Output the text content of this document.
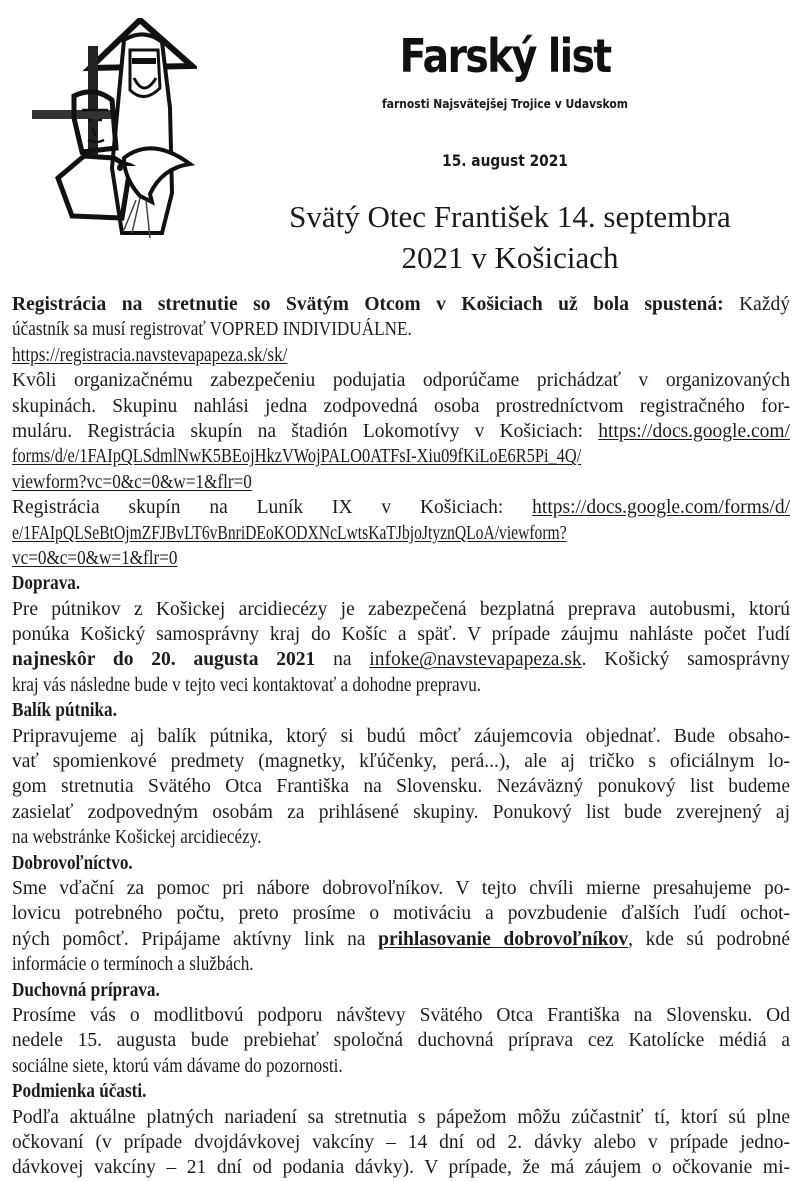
Farský list
farnosti Najsvätejšej Trojice v Udavskom
15. august 2021
Svätý Otec František 14. septembra
2021 v Košiciach
Registrácia na stretnutie so Svätým Otcom v Košiciach už bola spustená: Každý
účastník sa musí registrovať VOPRED INDIVIDUÁLNE.
https://registracia.navstevapapeza.sk/sk/
Kvôli organizačnému zabezpečeniu podujatia odporúčame prichádzať v organizovaných
skupinách. Skupinu nahlási jedna zodpovedná osoba prostredníctvom registračného for-
muláru. Registrácia skupín na štadión Lokomotívy v Košiciach: https://docs.google.com/
forms/d/e/1FAIpQLSdmlNwK5BEojHkzVWojPALO0ATFsI-Xiu09fKiLoE6R5Pi_4Q/
viewform?vc=0&c=0&w=1&flr=0
Registrácia skupín na Luník IX v Košiciach: https://docs.google.com/forms/d/
e/1FAIpQLSeBtOjmZFJBvLT6vBnriDEoKODXNcLwtsKaTJbjoJtyznQLoA/viewform?
vc=0&c=0&w=1&flr=0
Doprava.
Pre pútnikov z Košickej arcidiecézy je zabezpečená bezplatná preprava autobusmi, ktorú
ponúka Košický samosprávny kraj do Košíc a späť. V prípade záujmu nahláste počet ľudí
najneskôr do 20. augusta 2021 na infoke@navstevapapeza.sk. Košický samosprávny
kraj vás následne bude v tejto veci kontaktovať a dohodne prepravu.
Balík pútnika.
Pripravujeme aj balík pútnika, ktorý si budú môcť záujemcovia objednať. Bude obsaho-
vať spomienkové predmety (magnetky, kľúčenky, perá...), ale aj tričko s oficiálnym lo-
gom stretnutia Svätého Otca Františka na Slovensku. Nezáväzný ponukový list budeme
zasielať zodpovedným osobám za prihlásené skupiny. Ponukový list bude zverejnený aj
na webstránke Košickej arcidiecézy.
Dobrovoľníctvo.
Sme vďační za pomoc pri nábore dobrovoľníkov. V tejto chvíli mierne presahujeme po-
lovicu potrebného počtu, preto prosíme o motiváciu a povzbudenie ďalších ľudí ochot-
ných pomôcť. Pripájame aktívny link na prihlasovanie dobrovoľníkov, kde sú podrobné
informácie o termínoch a službách.
Duchovná príprava.
Prosíme vás o modlitbovú podporu návštevy Svätého Otca Františka na Slovensku. Od
nedele 15. augusta bude prebiehať spoločná duchovná príprava cez Katolícke médiá a
sociálne siete, ktorú vám dávame do pozornosti.
Podmienka účasti.
Podľa aktuálne platných nariadení sa stretnutia s pápežom môžu zúčastniť tí, ktorí sú plne
očkovaní (v prípade dvojdávkovej vakcíny – 14 dní od 2. dávky alebo v prípade jedno-
dávkovej vakcíny – 21 dní od podania dávky). V prípade, že má záujem o očkovanie mi-
